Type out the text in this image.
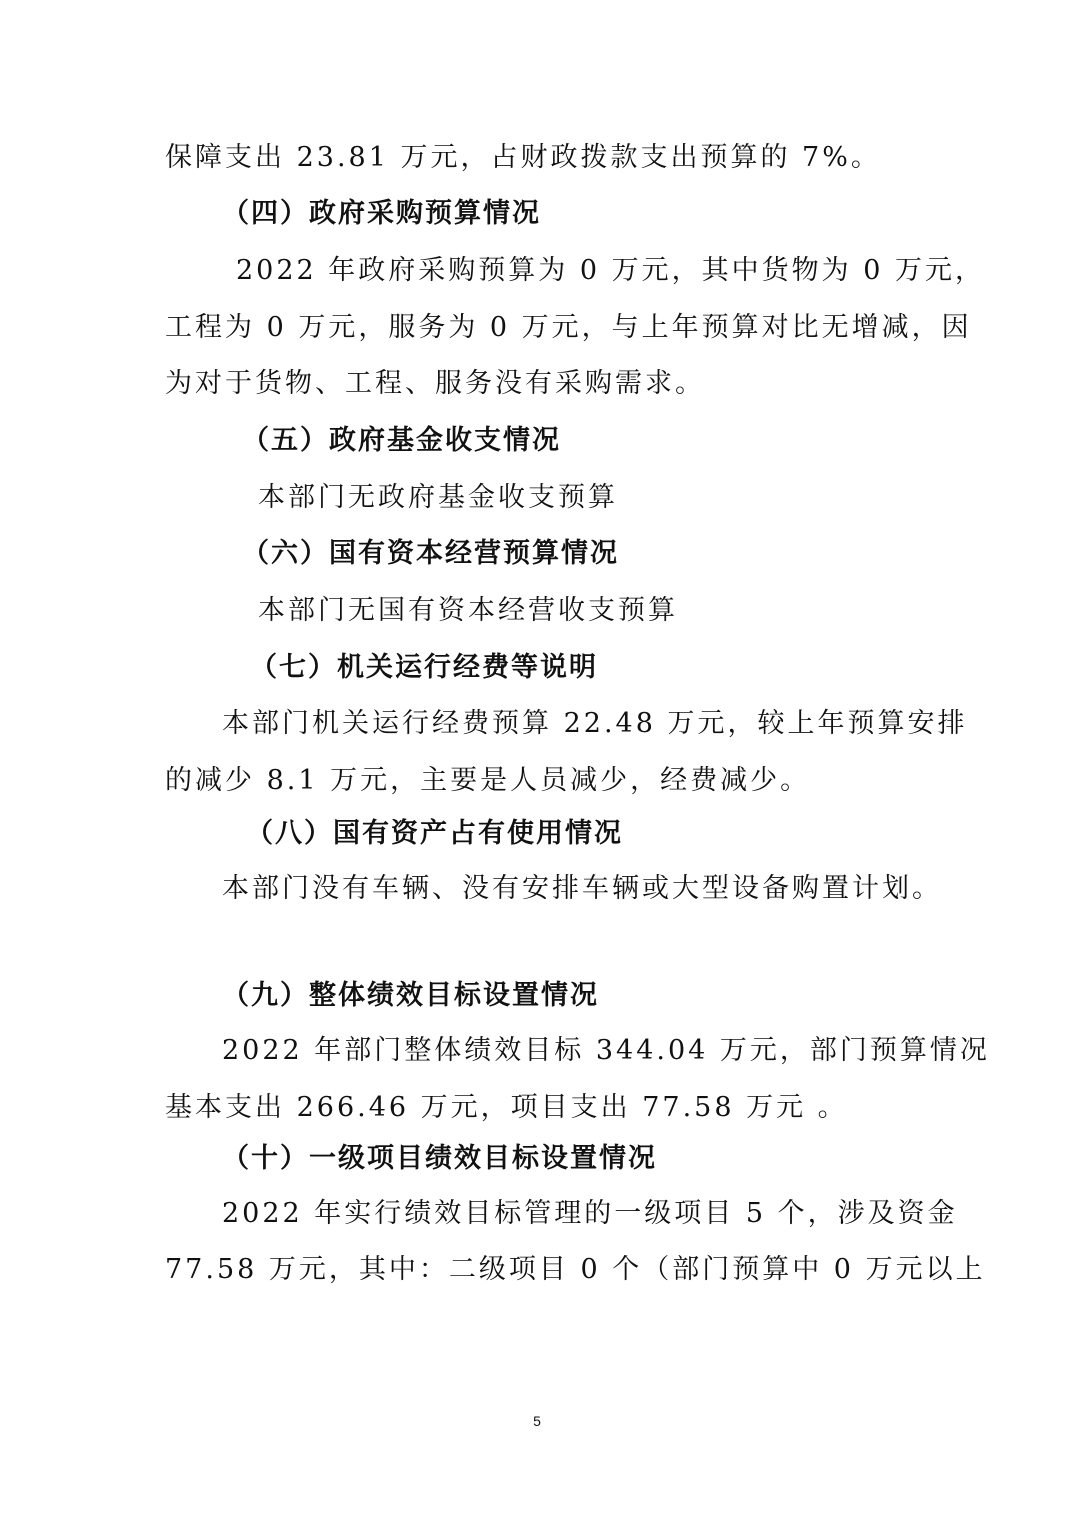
保障支出 23.81 万元，占财政拨款支出预算的 7%。
（四）政府采购预算情况
2022 年政府采购预算为 0 万元，其中货物为 0 万元，
工程为 0 万元，服务为 0 万元，与上年预算对比无增减，因
为对于货物、工程、服务没有采购需求。
（五）政府基金收支情况
本部门无政府基金收支预算
（六）国有资本经营预算情况
本部门无国有资本经营收支预算
（七）机关运行经费等说明
本部门机关运行经费预算 22.48 万元，较上年预算安排
的减少 8.1 万元，主要是人员减少，经费减少。
（八）国有资产占有使用情况
本部门没有车辆、没有安排车辆或大型设备购置计划。
（九）整体绩效目标设置情况
2022 年部门整体绩效目标 344.04 万元，部门预算情况
基本支出 266.46 万元，项目支出 77.58 万元 。
（十）一级项目绩效目标设置情况
2022 年实行绩效目标管理的一级项目 5 个，涉及资金
77.58 万元，其中：二级项目 0 个（部门预算中 0 万元以上
5
